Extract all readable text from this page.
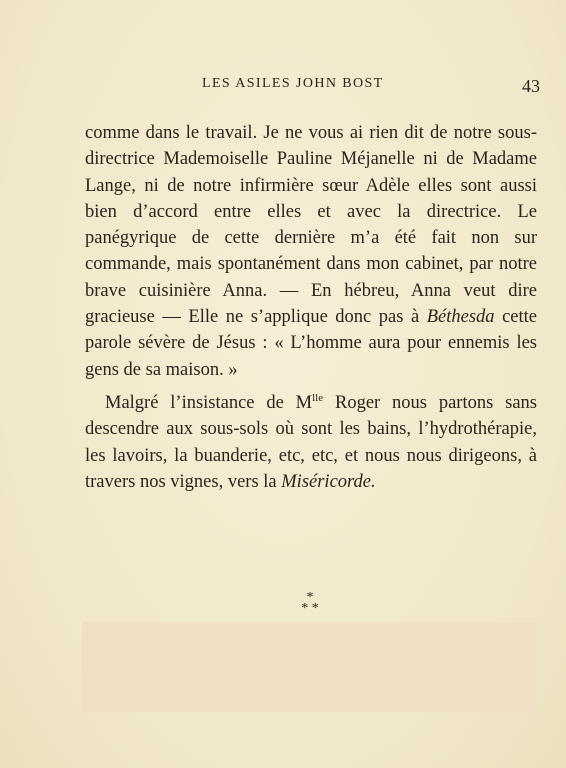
LES ASILES JOHN BOST	43

comme dans le travail. Je ne vous ai rien dit de notre sous-directrice Mademoiselle Pauline Méjanelle ni de Madame Lange, ni de notre infirmière sœur Adèle elles sont aussi bien d’accord entre elles et avec la directrice. Le panégyrique de cette dernière m’a été fait non sur commande, mais spontanément dans mon cabinet, par notre brave cuisinière Anna. — En hébreu, Anna veut dire gracieuse — Elle ne s’applique donc pas à Béthesda cette parole sévère de Jésus : « L’homme aura pour ennemis les gens de sa maison. »

Malgré l’insistance de $M^{lle}$ Roger nous partons sans descendre aux sous-sols où sont les bains, l’hydrothérapie, les lavoirs, la buanderie, etc, etc, et nous nous dirigeons, à travers nos vignes, vers la Miséricorde.

*
* *
